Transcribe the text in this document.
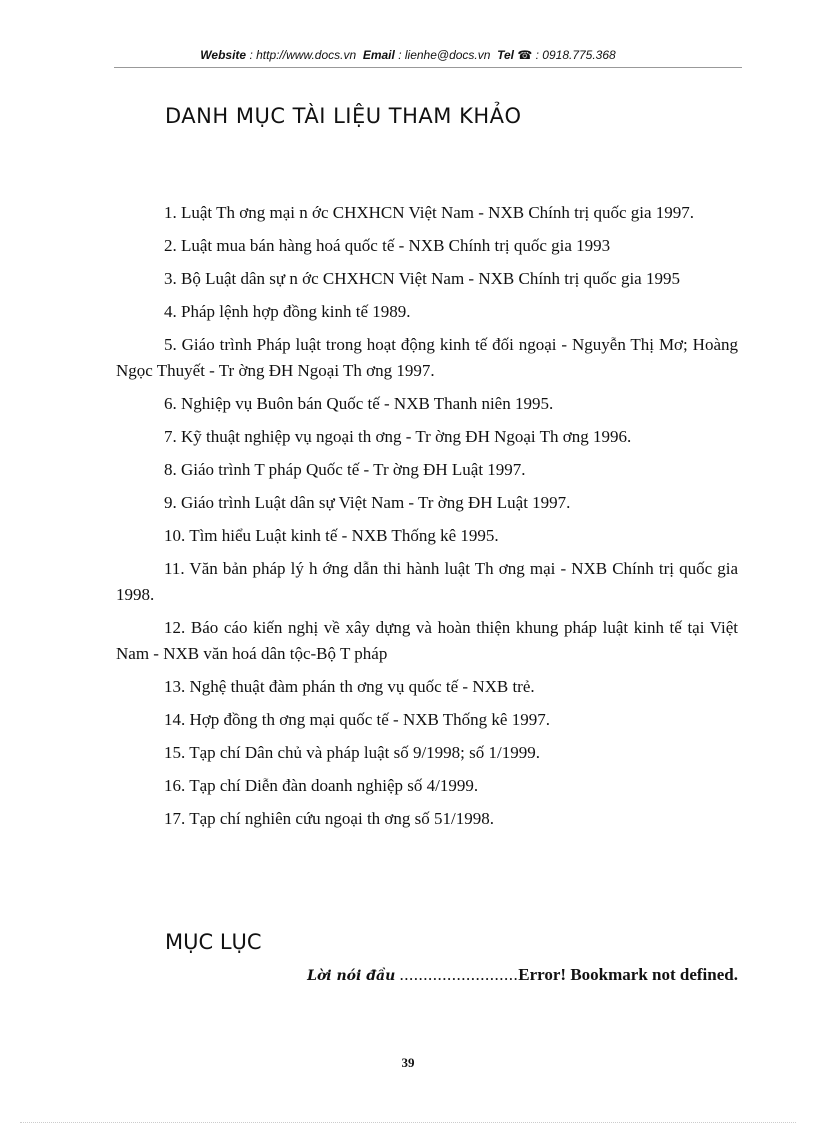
Website : http://www.docs.vn Email : lienhe@docs.vn Tel ☎ : 0918.775.368
DANH MỤC TÀI LIỆU THAM KHẢO

1. Luật Th ơng mại n ớc CHXHCN Việt Nam - NXB Chính trị quốc gia 1997.

2. Luật mua bán hàng hoá quốc tế - NXB Chính trị quốc gia 1993

3. Bộ Luật dân sự n ớc CHXHCN Việt Nam - NXB Chính trị quốc gia 1995

4. Pháp lệnh hợp đồng kinh tế 1989.

5. Giáo trình Pháp luật trong hoạt động kinh tế đối ngoại - Nguyễn Thị Mơ; Hoàng Ngọc Thuyết - Tr ờng ĐH Ngoại Th ơng 1997.

6. Nghiệp vụ Buôn bán Quốc tế - NXB Thanh niên 1995.

7. Kỹ thuật nghiệp vụ ngoại th ơng - Tr ờng ĐH Ngoại Th ơng 1996.

8. Giáo trình T pháp Quốc tế - Tr ờng ĐH Luật 1997.

9. Giáo trình Luật dân sự Việt Nam - Tr ờng ĐH Luật 1997.

10. Tìm hiểu Luật kinh tế - NXB Thống kê 1995.

11. Văn bản pháp lý h ớng dẫn thi hành luật Th ơng mại - NXB Chính trị quốc gia 1998.

12. Báo cáo kiến nghị về xây dựng và hoàn thiện khung pháp luật kinh tế tại Việt Nam - NXB văn hoá dân tộc-Bộ T pháp

13. Nghệ thuật đàm phán th ơng vụ quốc tế - NXB trẻ.

14. Hợp đồng th ơng mại quốc tế - NXB Thống kê 1997.

15. Tạp chí Dân chủ và pháp luật số 9/1998; số 1/1999.

16. Tạp chí Diễn đàn doanh nghiệp số 4/1999.

17. Tạp chí nghiên cứu ngoại th ơng số 51/1998.

MỤC LỤC
Lời nói đầu .........................Error! Bookmark not defined.
39
